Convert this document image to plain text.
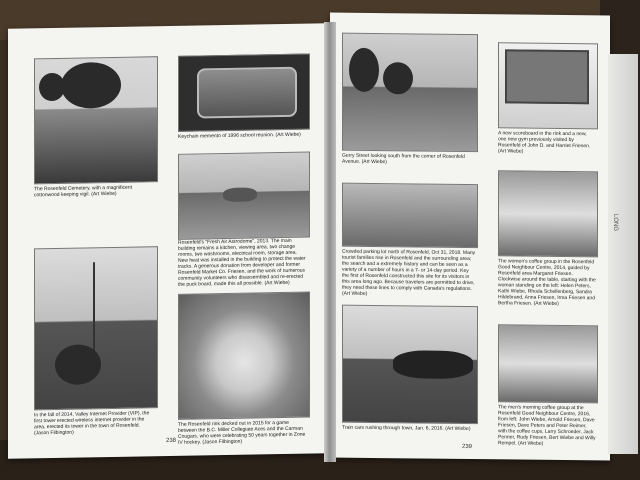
The Rosenfeld Cemetery, with a magnificent cottonwood keeping vigil. (Art Wiebe)
Keychain memento of 1996 school reunion. (Art Wiebe)
Rosenfeld's "Fresh Air Astrodome", 2013. The main building remains a kitchen, viewing area, two change rooms, two washrooms, electrical room, storage area. New heat was installed in the building to protect the water tracks. A generous donation from developer and former Rosenfeld Market Co. Friesen, and the work of numerous community volunteers who disassembled and re-erected the puck board, made this all possible. (Art Wiebe)
In the fall of 2014, Valley Internet Provider (VIP), the first tower erected wireless internet provider in the area, erected its tower in the town of Rosenfeld. (Jason Filbington)
The Rosenfeld rink decked out in 2015 for a game between the B.C. Miller Collegiate Aces and the Carman Cougars, who were celebrating 50 years together in Zone IV hockey. (Jason Filbington)
238
Gerry Street looking south from the corner of Rosenfeld Avenue. (Art Wiebe)
A new scoreboard in the rink and a new, one new gym previously visited by Rosenfeld of John D. and Harriet Friesen. (Art Wiebe)
Crowded parking lot north of Rosenfeld, Oct 31, 2018. Many tourist families rise in Rosenfeld and the surrounding area; the search and a extremely history and can be seen as a variety of a number of hours in a 7- or 14-day period. Key the first of Rosenfeld constructed this site for its visitors in this area long ago. Because travelers are permitted to drive, they need these lines to comply with Canada's regulations. (Art Wiebe)
The women's coffee group in the Rosenfeld Good Neighbour Centre, 2014, guided by Rosenfeld area Margaret Friesen. Clockwise around the table, starting with the woman standing on the left: Helen Peters, Kathi Wiebe, Rhoda Schellenberg, Sandra Hildebrand, Anna Friesen, Irma Friesen and Bertha Friesen. (Art Wiebe)
Train cars rushing through town, Jan. 6, 2016. (Art Wiebe)
The men's morning coffee group at the Rosenfeld Good Neighbour Centre, 2016, from left: John Wiebe, Arnold Friesen, Dave Friesen, Dave Peters and Peter Reimer, with the coffee cups, Larry Schroeder, Jack Penner, Rudy Friesen, Bert Wiebe and Willy Rempel. (Art Wiebe)
239
LONG
